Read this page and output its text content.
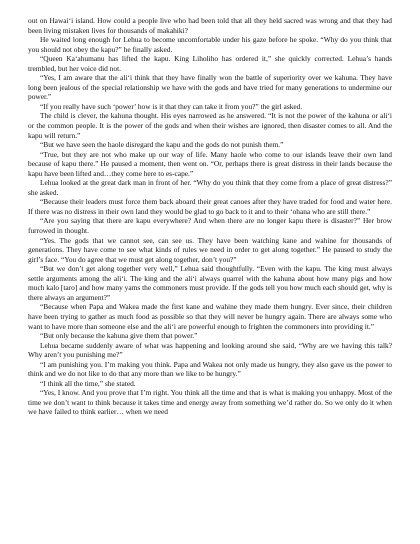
out on Hawai‘i island. How could a people live who had been told that all they held sacred was wrong and that they had been living mistaken lives for thousands of makahiki?

He waited long enough for Lehua to become uncomfortable under his gaze before he spoke. “Why do you think that you should not obey the kapu?” he finally asked.

“Queen Ka‘ahumanu has lifted the kapu. King Liholiho has ordered it,” she quickly corrected. Lehua’s hands trembled, but her voice did not.

“Yes, I am aware that the ali‘i think that they have finally won the battle of superiority over we kahuna. They have long been jealous of the special relationship we have with the gods and have tried for many generations to undermine our power.”

“If you really have such ‘power’ how is it that they can take it from you?” the girl asked.

The child is clever, the kahuna thought. His eyes narrowed as he answered. “It is not the power of the kahuna or ali‘i or the common people. It is the power of the gods and when their wishes are ignored, then disaster comes to all. And the kapu will return.”

“But we have seen the haole disregard the kapu and the gods do not punish them.”

“True, but they are not who make up our way of life. Many haole who come to our islands leave their own land because of kapu there.” He paused a moment, then went on. “Or, perhaps there is great distress in their lands because the kapu have been lifted and…they come here to es-cape.”

Lehua looked at the great dark man in front of her. “Why do you think that they come from a place of great distress?” she asked.

“Because their leaders must force them back aboard their great canoes after they have traded for food and water here. If there was no distress in their own land they would be glad to go back to it and to their ‘ohana who are still there.”

“Are you saying that there are kapu everywhere? And when there are no longer kapu there is disaster?” Her brow furrowed in thought.

“Yes. The gods that we cannot see, can see us. They have been watching kane and wahine for thousands of generations. They have come to see what kinds of rules we need in order to get along together.” He paused to study the girl’s face. “You do agree that we must get along together, don’t you?”

“But we don’t get along together very well,” Lehua said thoughtfully. “Even with the kapu. The king must always settle arguments among the ali‘i. The king and the ali‘i always quarrel with the kahuna about how many pigs and how much kalo [taro] and how many yams the commoners must provide. If the gods tell you how much each should get, why is there always an argument?”

“Because when Papa and Wakea made the first kane and wahine they made them hungry. Ever since, their children have been trying to gather as much food as possible so that they will never be hungry again. There are always some who want to have more than someone else and the ali‘i are powerful enough to frighten the commoners into providing it.”

“But only because the kahuna give them that power.”

Lehua became suddenly aware of what was happening and looking around she said, “Why are we having this talk? Why aren’t you punishing me?”

“I am punishing you. I’m making you think. Papa and Wakea not only made us hungry, they also gave us the power to think and we do not like to do that any more than we like to be hungry.”

“I think all the time,” she stated.

“Yes, I know. And you prove that I’m right. You think all the time and that is what is making you unhappy. Most of the time we don’t want to think because it takes time and energy away from something we’d rather do. So we only do it when we have failed to think earlier… when we need
